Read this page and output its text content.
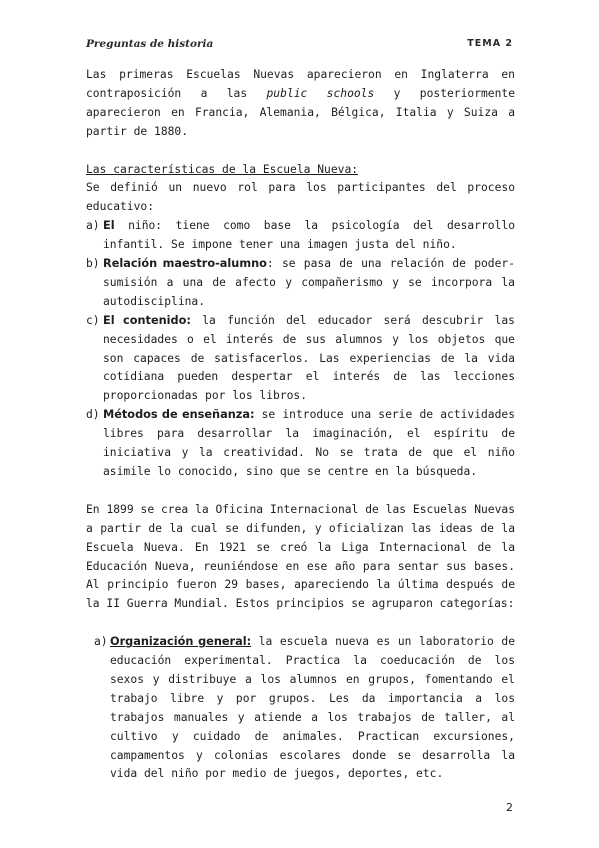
Preguntas de historia	TEMA 2

Las primeras Escuelas Nuevas aparecieron en Inglaterra en contraposición a las public schools y posteriormente aparecieron en Francia, Alemania, Bélgica, Italia y Suiza a partir de 1880.

Las características de la Escuela Nueva:

Se definió un nuevo rol para los participantes del proceso educativo:

a) El niño: tiene como base la psicología del desarrollo infantil. Se impone tener una imagen justa del niño.
b) Relación maestro-alumno: se pasa de una relación de poder-sumisión a una de afecto y compañerismo y se incorpora la autodisciplina.
c) El contenido: la función del educador será descubrir las necesidades o el interés de sus alumnos y los objetos que son capaces de satisfacerlos. Las experiencias de la vida cotidiana pueden despertar el interés de las lecciones proporcionadas por los libros.
d) Métodos de enseñanza: se introduce una serie de actividades libres para desarrollar la imaginación, el espíritu de iniciativa y la creatividad. No se trata de que el niño asimile lo conocido, sino que se centre en la búsqueda.

En 1899 se crea la Oficina Internacional de las Escuelas Nuevas a partir de la cual se difunden, y oficializan las ideas de la Escuela Nueva. En 1921 se creó la Liga Internacional de la Educación Nueva, reuniéndose en ese año para sentar sus bases. Al principio fueron 29 bases, apareciendo la última después de la II Guerra Mundial. Estos principios se agruparon categorías:

a) Organización general: la escuela nueva es un laboratorio de educación experimental. Practica la coeducación de los sexos y distribuye a los alumnos en grupos, fomentando el trabajo libre y por grupos. Les da importancia a los trabajos manuales y atiende a los trabajos de taller, al cultivo y cuidado de animales. Practican excursiones, campamentos y colonias escolares donde se desarrolla la vida del niño por medio de juegos, deportes, etc.
2
